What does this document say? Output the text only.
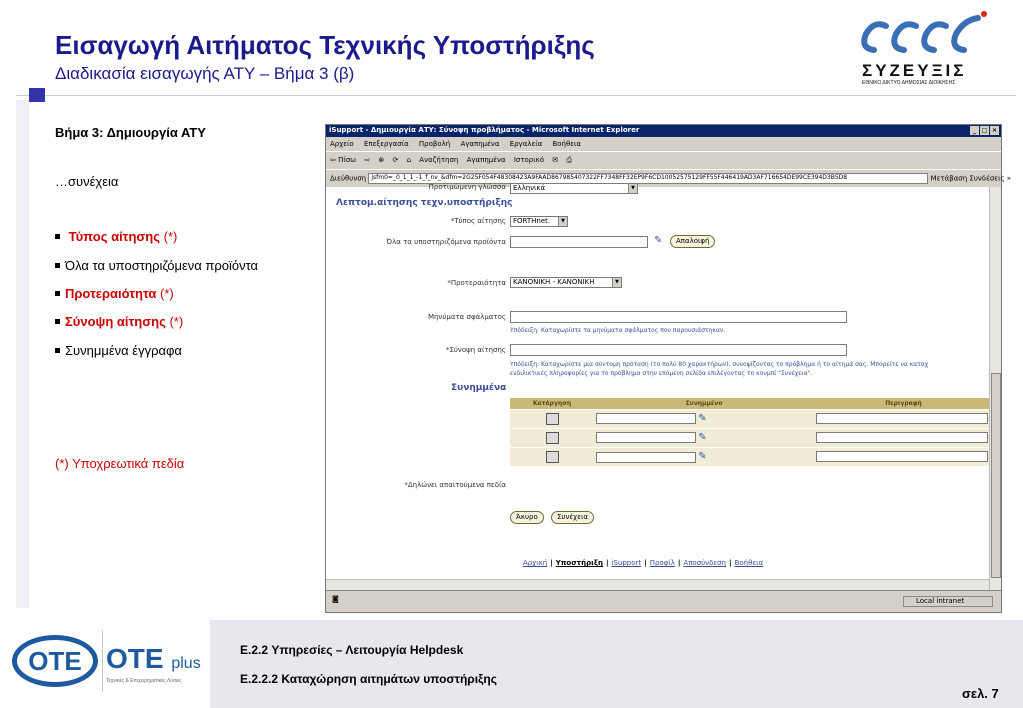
Εισαγωγή Αιτήματος Τεχνικής Υποστήριξης
Διαδικασία εισαγωγής ΑΤΥ – Βήμα 3 (β)	ΣΥΖΕΥΞΙΣ
ΕΘΝΙΚΟ ΔΙΚΤΥΟ ΔΗΜΟΣΙΑΣ ΔΙΟΙΚΗΣΗΣ
Βήμα 3: Δημιουργία ΑΤΥ
…συνέχεια
Τύπος αίτησης (*)
Όλα τα υποστηριζόμενα προϊόντα
Προτεραιότητα (*)
Σύνοψη αίτησης (*)
Συνημμένα έγγραφα
(*) Υποχρεωτικά πεδία
iSupport - Δημιουργία ΑΤΥ: Σύνοψη προβλήματος - Microsoft Internet Explorer	_ □ ×
Αρχείο Επεξεργασία Προβολή Αγαπημένα Εργαλεία Βοήθεια
⇦ Πίσω ⇨ ⊗ ⟳ ⌂ Αναζήτηση Αγαπημένα Ιστορικό ✉ ⎙
Διεύθυνση jsfm0=_0_1_1_-1_f_nv_&dfm=2G25F054F48308423A9FAAD867985407322FF7348FF32EP9F6CD10052575129FF55F446419AD3AF716654DE99CE394D3B5D8	Μετάβαση Συνδέσεις »
Προτιμώμενη γλώσσα	Ελληνικά	▼
Λεπτομ.αίτησης τεχν.υποστήριξης
*Τύπος αίτησης	FORTHnet.	▼
Όλα τα υποστηριζόμενα προϊόντα	✎	Απαλοιφή
*Προτεραιότητα	ΚΑΝΟΝΙΚΗ - ΚΑΝΟΝΙΚΗ	▼
Μηνύματα σφάλματος
Υπόδειξη: Καταχωρίστε τα μηνύματα σφάλματος που παρουσιάστηκαν.
*Σύνοψη αίτησης
Υπόδειξη: Καταχωρίστε μια σύντομη πρόταση (το πολύ 80 χαρακτήρων), συνοψίζοντας το πρόβλημα ή το αίτημά σας. Μπορείτε να καταχ
ενδιλικτικές πληροφορίες για το πρόβλημα στην επόμενη σελίδα επιλέγοντας το κουμπί "Συνέχεια".
Συνημμένα
Κατάργηση	Συνημμένο	Περιγραφή
	✎	
	✎	
	✎	
*Δηλώνει απαιτούμενα πεδία
Άκυρο	Συνέχεια
Αρχική | Υποστήριξη | iSupport | Προφίλ | Αποσύνδεση | Βοήθεια
◙	Local intranet
OTE OTE plus
Τεχνικές & Επιχειρηματικές Λύσεις
E.2.2 Υπηρεσίες – Λειτουργία Helpdesk
E.2.2.2 Καταχώρηση αιτημάτων υποστήριξης
σελ. 7
